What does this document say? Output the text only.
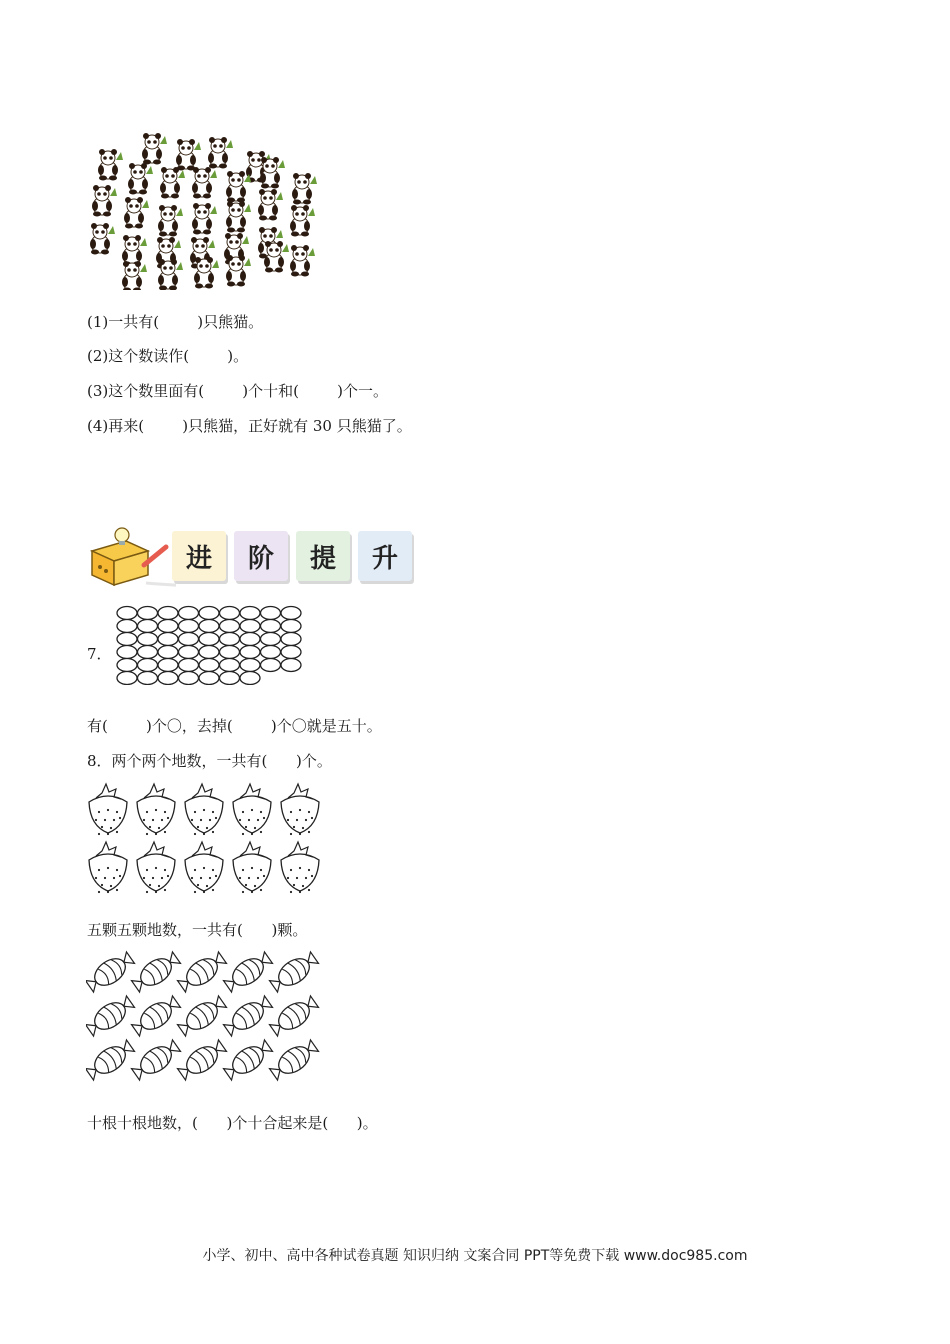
(1)一共有(        )只熊猫。
(2)这个数读作(        )。
(3)这个数里面有(        )个十和(        )个一。
(4)再来(        )只熊猫，正好就有 30 只熊猫了。
进	阶	提	升
7．
有(        )个〇，去掉(        )个〇就是五十。
8．两个两个地数，一共有(      )个。
五颗五颗地数，一共有(      )颗。
十根十根地数，(      )个十合起来是(      )。
小学、初中、高中各种试卷真题 知识归纳 文案合同 PPT等免费下载 www.doc985.com
